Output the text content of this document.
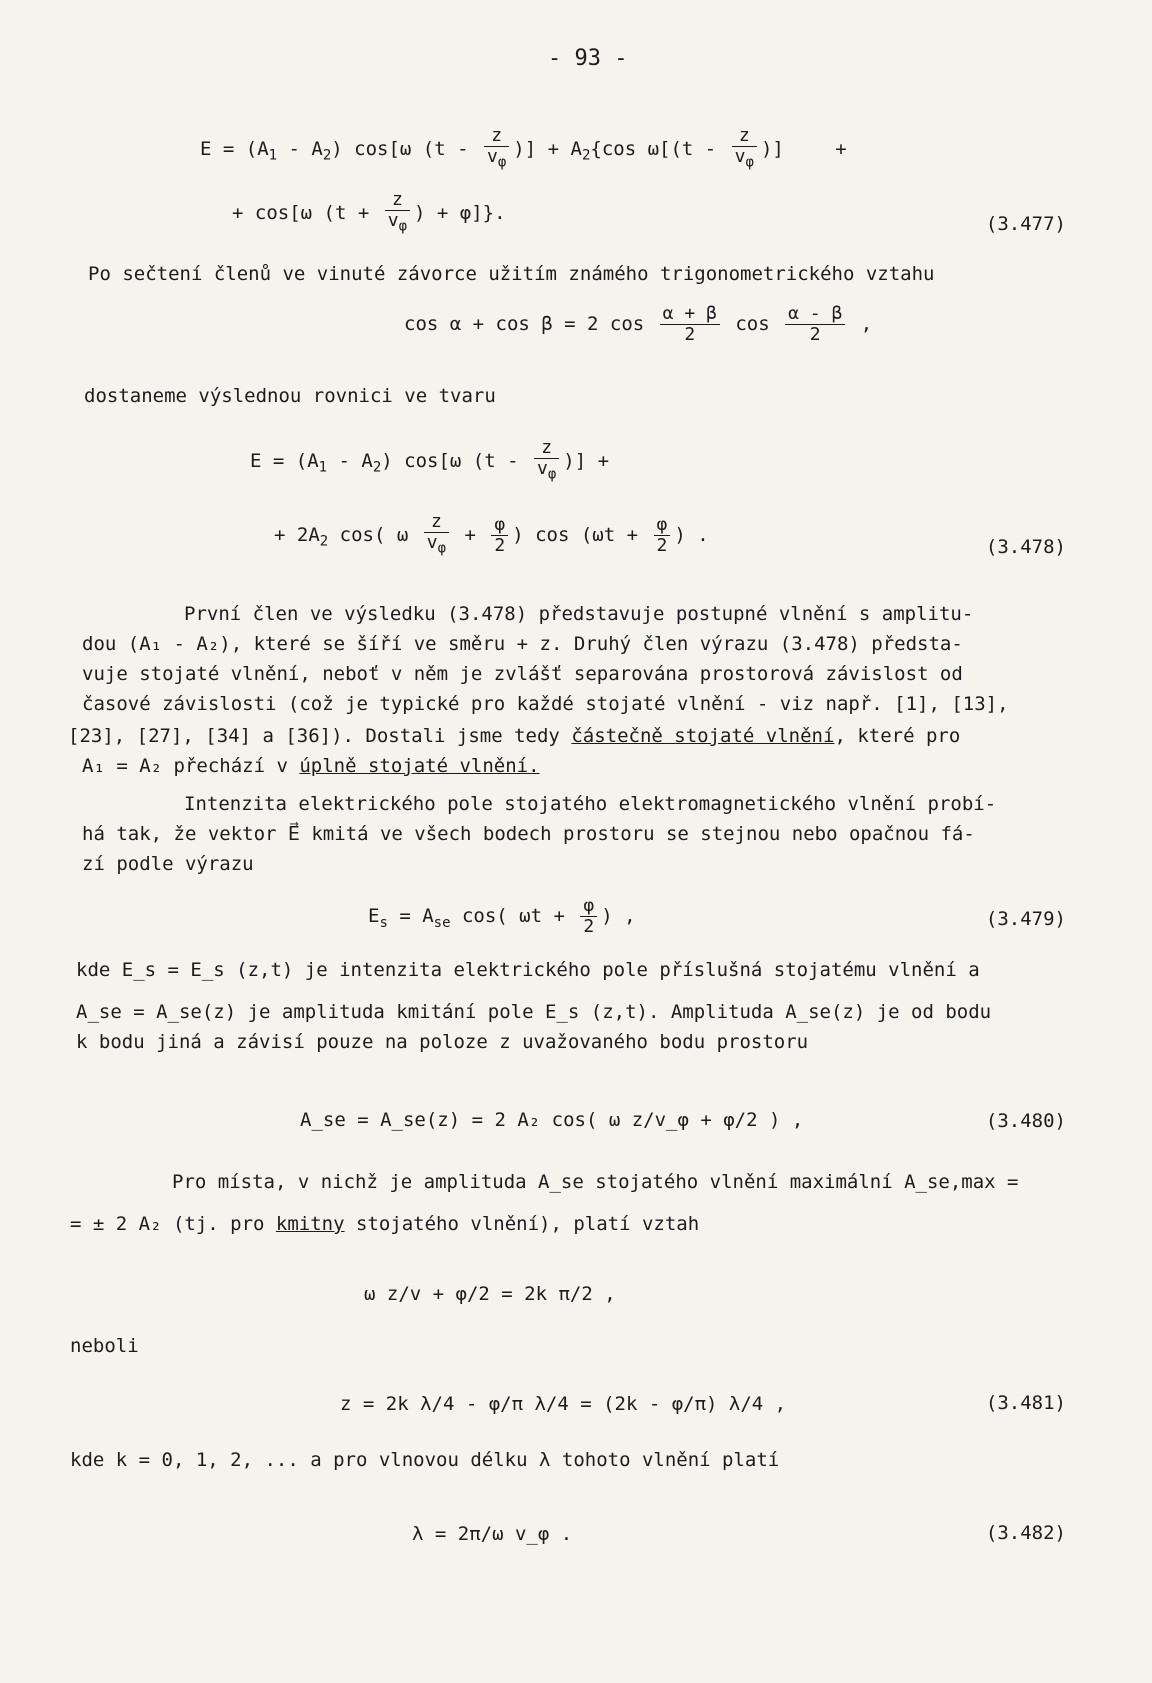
- 93 -
$E = (A_1 - A_2)$ cos[ω ($t - \frac{z}{v_\varphi}$ )] + $A_2\{\cos$ $\omega[(t - \frac{z}{v_\varphi}$ )]	+
+ cos[ω ($t + \frac{z}{v_\varphi}$ ) + φ]}.
(3.477)
Po sečtení členů ve vinuté závorce užitím známého trigonometrického vztahu
cos α + cos β = 2 $\cos \frac{\alpha + \beta}{2}$ $\cos \frac{\alpha - \beta}{2}$ ,
dostaneme výslednou rovnici ve tvaru
$E = (A_1 - A_2)$ cos[ω ($t - \frac{z}{v_\varphi}$ )] +
+ $2A_2$ cos( ω $\frac{z}{v_\varphi} + \frac{\varphi}{2}$ ) $\cos (\omega t + \frac{\varphi}{2}$ ) .
(3.478)
První člen ve výsledku (3.478) představuje postupné vlnění s amplitu-
dou (A₁ - A₂), které se šíří ve směru + z. Druhý člen výrazu (3.478) předsta-
vuje stojaté vlnění, neboť v něm je zvlášť separována prostorová závislost od
časové závislosti (což je typické pro každé stojaté vlnění - viz např. [1], [13],
[23], [27], [34] a [36]). Dostali jsme tedy částečně stojaté vlnění, které pro
A₁ = A₂ přechází v úplně stojaté vlnění.
Intenzita elektrického pole stojatého elektromagnetického vlnění probí-
há tak, že vektor E⃗ kmitá ve všech bodech prostoru se stejnou nebo opačnou fá-
zí podle výrazu
$E_s = A_{se}$ cos( $\omega t + \frac{\varphi}{2}$ ) ,	(3.479)
kde E_s = E_s (z,t) je intenzita elektrického pole příslušná stojatému vlnění a
A_se = A_se(z) je amplituda kmitání pole E_s (z,t). Amplituda A_se(z) je od bodu
k bodu jiná a závisí pouze na poloze z uvažovaného bodu prostoru
A_se = A_se(z) = 2 A₂ cos( ω z/v_φ + φ/2 ) ,	(3.480)
Pro místa, v nichž je amplituda A_se stojatého vlnění maximální A_se,max =
= ± 2 A₂ (tj. pro kmitny stojatého vlnění), platí vztah
ω z/v + φ/2 = 2k π/2 ,
neboli
z = 2k λ/4 - φ/π λ/4 = (2k - φ/π) λ/4 ,	(3.481)
kde k = 0, 1, 2, ... a pro vlnovou délku λ tohoto vlnění platí
λ = 2π/ω v_φ .	(3.482)
